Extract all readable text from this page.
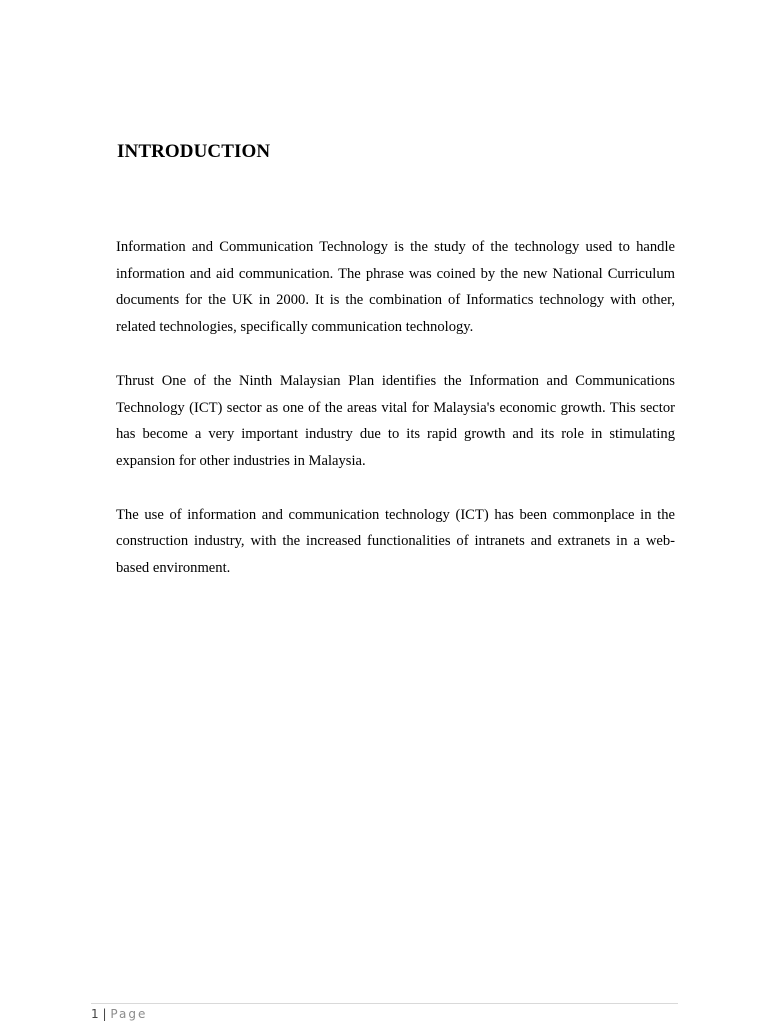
INTRODUCTION

Information and Communication Technology is the study of the technology used to handle information and aid communication. The phrase was coined by the new National Curriculum documents for the UK in 2000. It is the combination of Informatics technology with other, related technologies, specifically communication technology.

Thrust One of the Ninth Malaysian Plan identifies the Information and Communications Technology (ICT) sector as one of the areas vital for Malaysia's economic growth. This sector has become a very important industry due to its rapid growth and its role in stimulating expansion for other industries in Malaysia.

The use of information and communication technology (ICT) has been commonplace in the construction industry, with the increased functionalities of intranets and extranets in a web-based environment.

1 | Page
